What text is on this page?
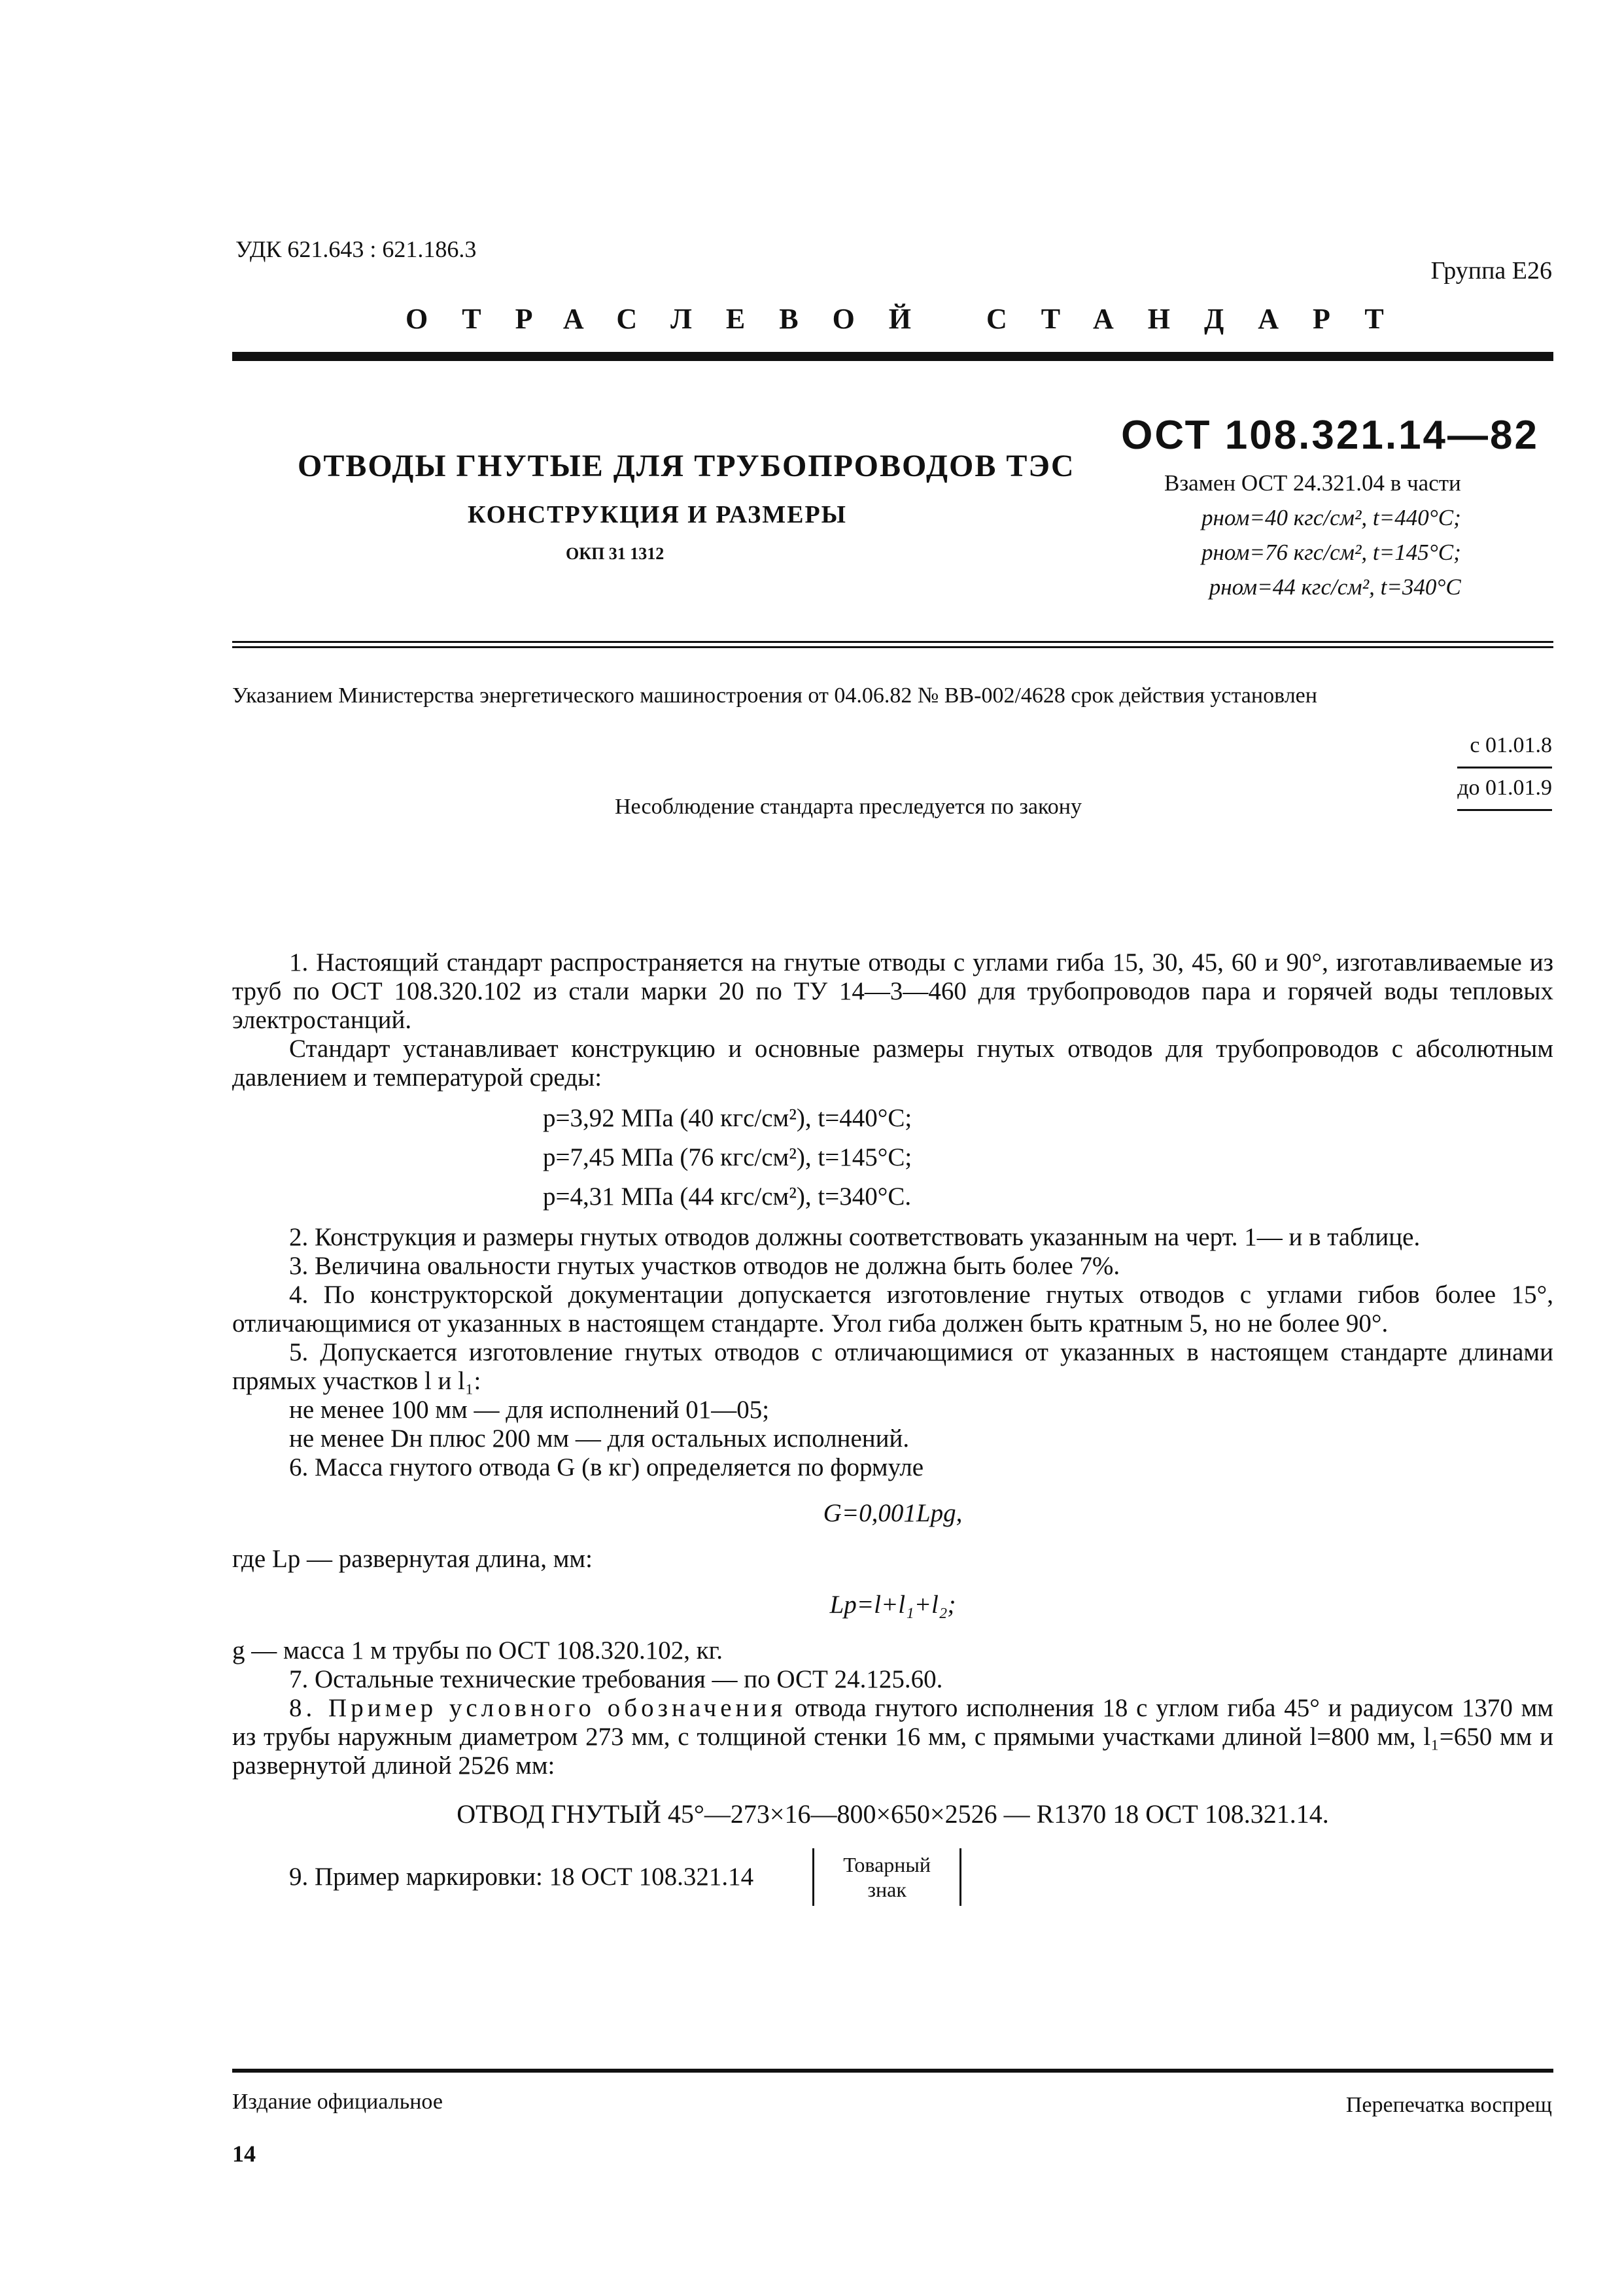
УДК 621.643 : 621.186.3
Группа Е26
ОТРАСЛЕВОЙ СТАНДАРТ
ОСТ 108.321.14—82
ОТВОДЫ ГНУТЫЕ ДЛЯ ТРУБОПРОВОДОВ ТЭС
КОНСТРУКЦИЯ И РАЗМЕРЫ
ОКП 31 1312
Взамен ОСТ 24.321.04 в части
pном=40 кгс/см², t=440°С;
pном=76 кгс/см², t=145°С;
pном=44 кгс/см², t=340°С
Указанием Министерства энергетического машиностроения от 04.06.82 № ВВ-002/4628 срок действия установлен
с 01.01.8
до 01.01.9
Несоблюдение стандарта преследуется по закону

1. Настоящий стандарт распространяется на гнутые отводы с углами гиба 15, 30, 45, 60 и 90°, изготавливаемые из труб по ОСТ 108.320.102 из стали марки 20 по ТУ 14—3—460 для трубопроводов пара и горячей воды тепловых электростанций.

Стандарт устанавливает конструкцию и основные размеры гнутых отводов для трубопроводов с абсолютным давлением и температурой среды:

p=3,92 МПа (40 кгс/см²), t=440°С;
p=7,45 МПа (76 кгс/см²), t=145°С;
p=4,31 МПа (44 кгс/см²), t=340°С.

2. Конструкция и размеры гнутых отводов должны соответствовать указанным на черт. 1— и в таблице.

3. Величина овальности гнутых участков отводов не должна быть более 7%.

4. По конструкторской документации допускается изготовление гнутых отводов с углами гибов более 15°, отличающимися от указанных в настоящем стандарте. Угол гиба должен быть кратным 5, но не более 90°.

5. Допускается изготовление гнутых отводов с отличающимися от указанных в настоящем стандарте длинами прямых участков l и l₁:

не менее 100 мм — для исполнений 01—05;

не менее Dн плюс 200 мм — для остальных исполнений.

6. Масса гнутого отвода G (в кг) определяется по формуле

G=0,001Lpg,

где Lp — развернутая длина, мм:

Lp=l+l₁+l₂;

g — масса 1 м трубы по ОСТ 108.320.102, кг.

7. Остальные технические требования — по ОСТ 24.125.60.

8. Пример условного обозначения отвода гнутого исполнения 18 с углом гиба 45° и радиусом 1370 мм из трубы наружным диаметром 273 мм, с толщиной стенки 16 мм, с прямыми участками длиной l=800 мм, l₁=650 мм и развернутой длиной 2526 мм:

ОТВОД ГНУТЫЙ 45°—273×16—800×650×2526 — R1370 18 ОСТ 108.321.14.

9. Пример маркировки: 18 ОСТ 108.321.14	Товарный знак
Издание официальное	Перепечатка воспрещ
14
